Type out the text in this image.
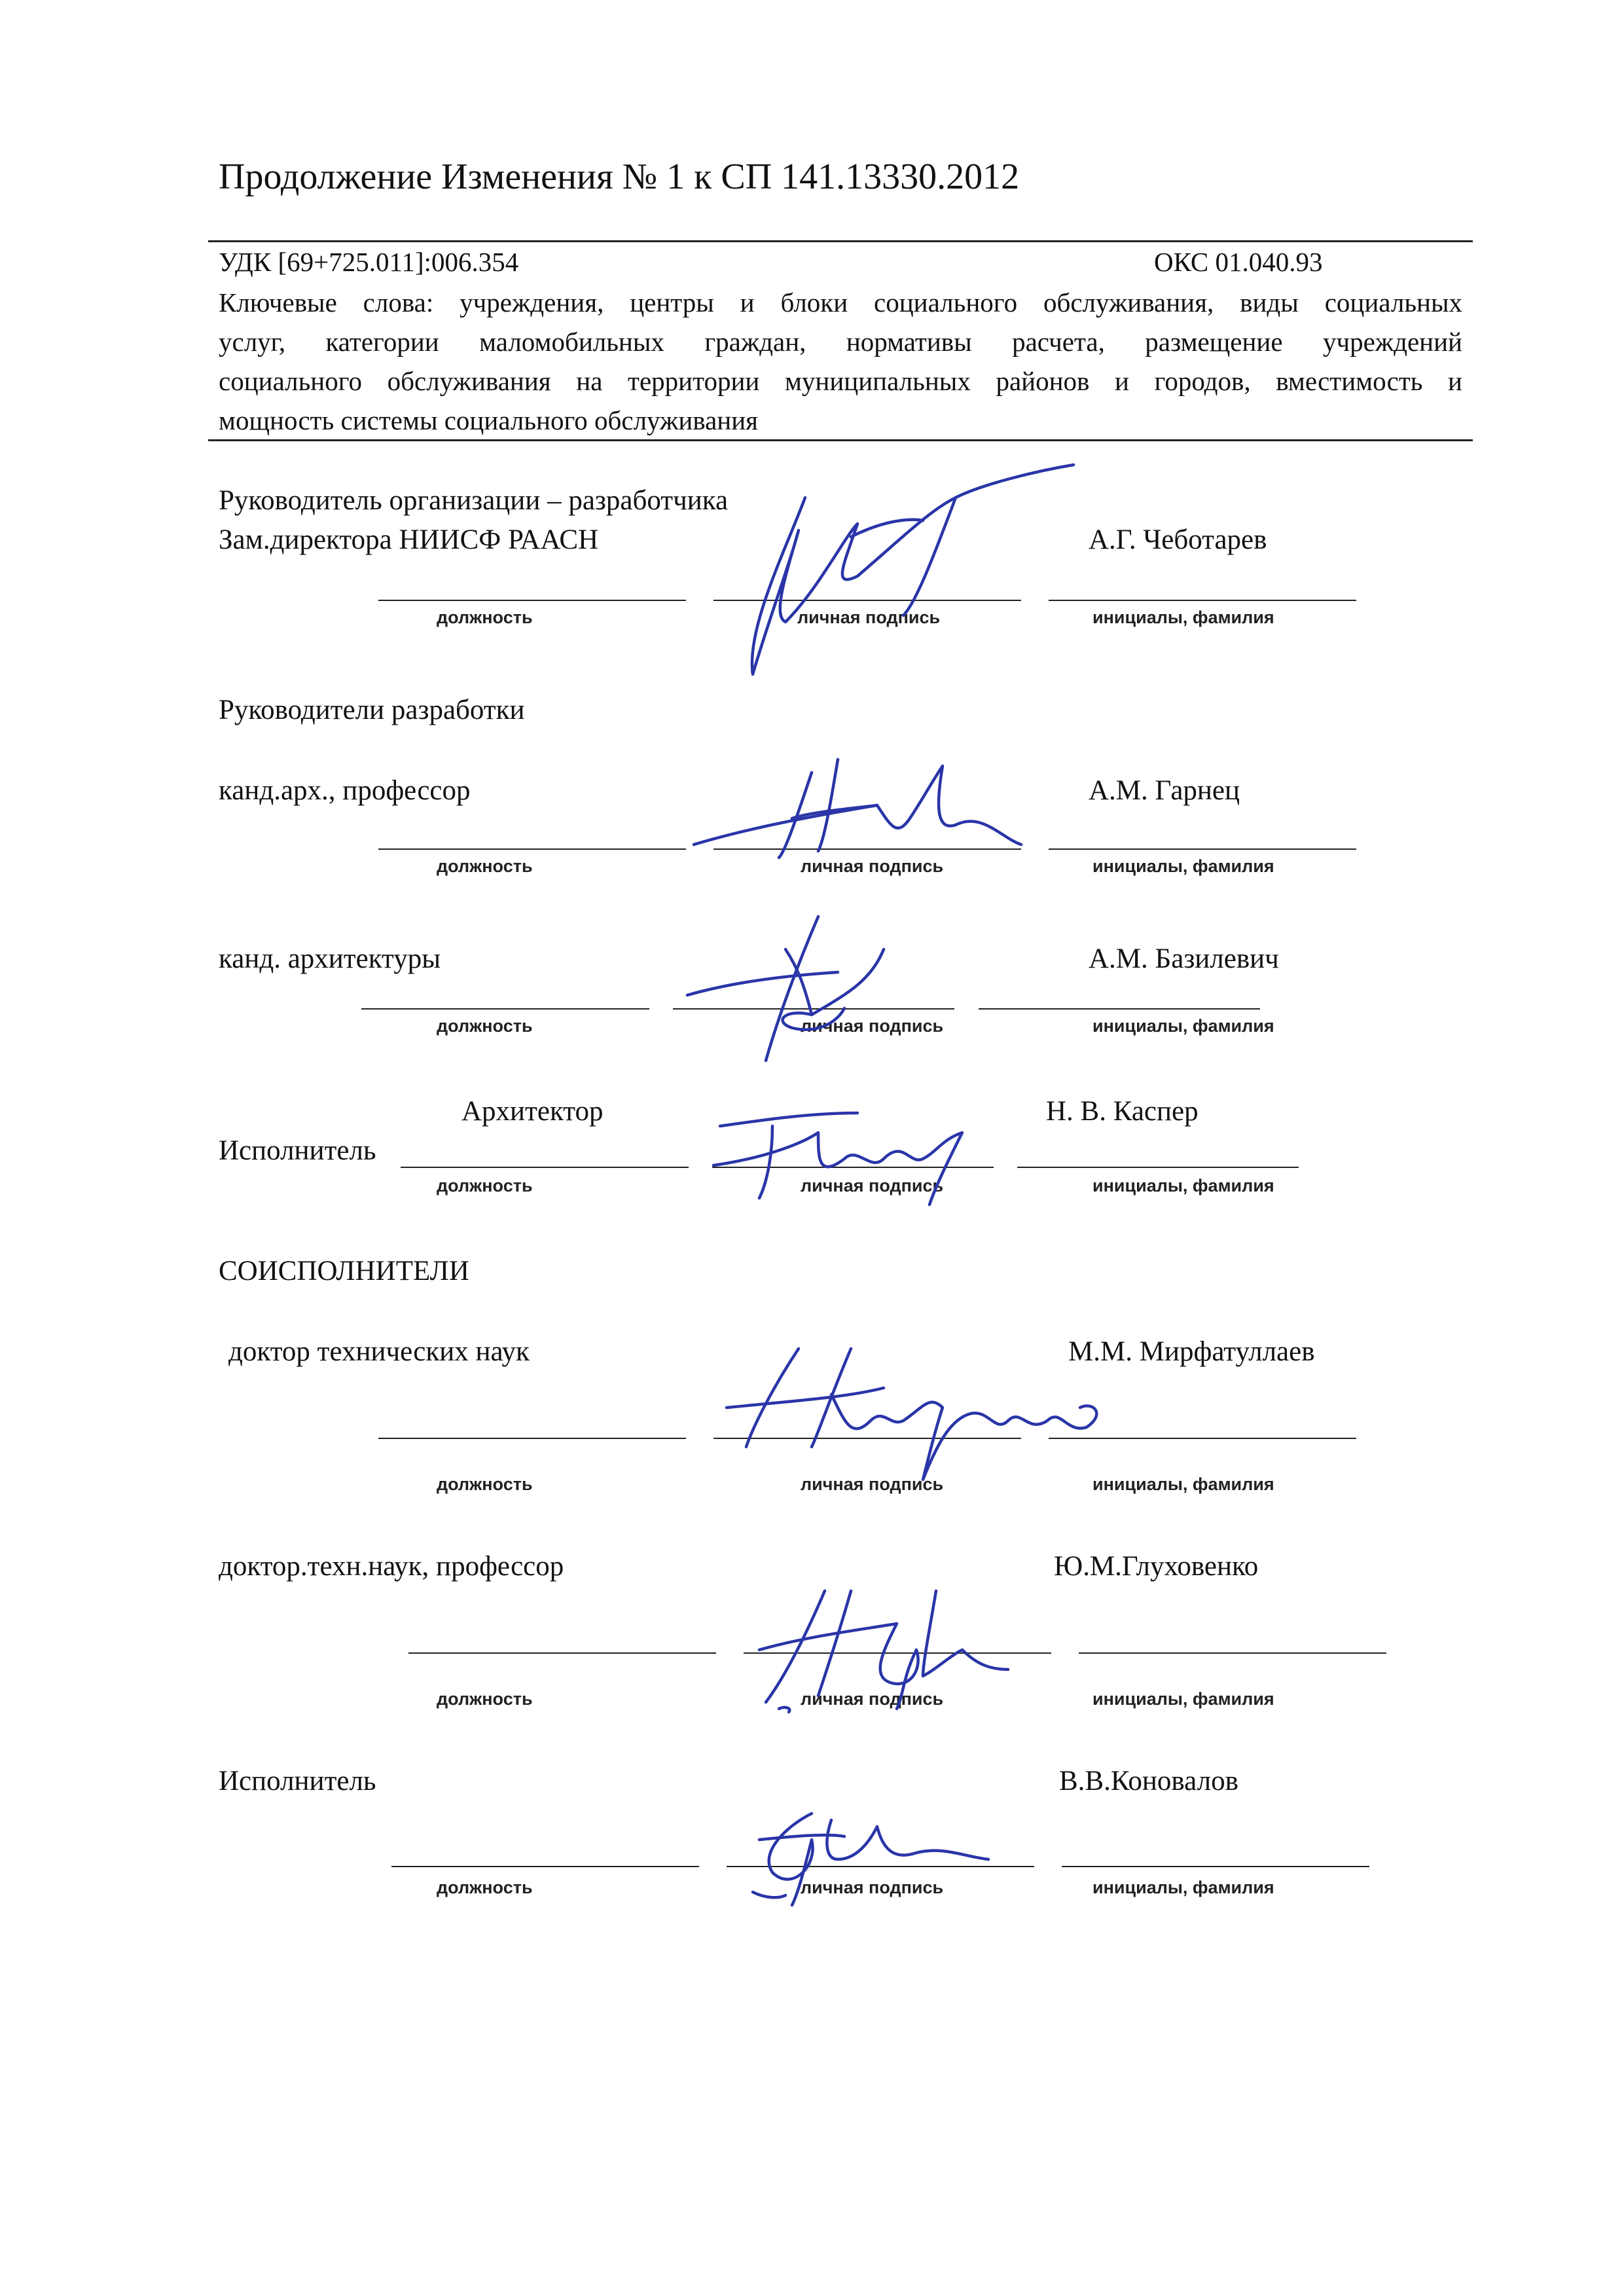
Продолжение Изменения № 1 к СП 141.13330.2012
УДК [69+725.011]:006.354	ОКС 01.040.93
Ключевые слова: учреждения, центры и блоки социального обслуживания, виды социальных
услуг, категории маломобильных граждан, нормативы расчета, размещение учреждений
социального обслуживания на территории муниципальных районов и городов, вместимость и
мощность системы социального обслуживания
Руководитель организации – разработчика
Зам.директора НИИСФ РААСН	А.Г. Чеботарев
должность	личная подпись	инициалы, фамилия
Руководители разработки
канд.арх., профессор	А.М. Гарнец
должность	личная подпись	инициалы, фамилия
канд. архитектуры	А.М. Базилевич
должность	личная подпись	инициалы, фамилия
Архитектор	Н. В. Каспер
Исполнитель
должность	личная подпись	инициалы, фамилия
СОИСПОЛНИТЕЛИ
доктор технических наук	М.М. Мирфатуллаев
должность	личная подпись	инициалы, фамилия
доктор.техн.наук, профессор	Ю.М.Глуховенко
должность	личная подпись	инициалы, фамилия
Исполнитель	В.В.Коновалов
должность	личная подпись	инициалы, фамилия
